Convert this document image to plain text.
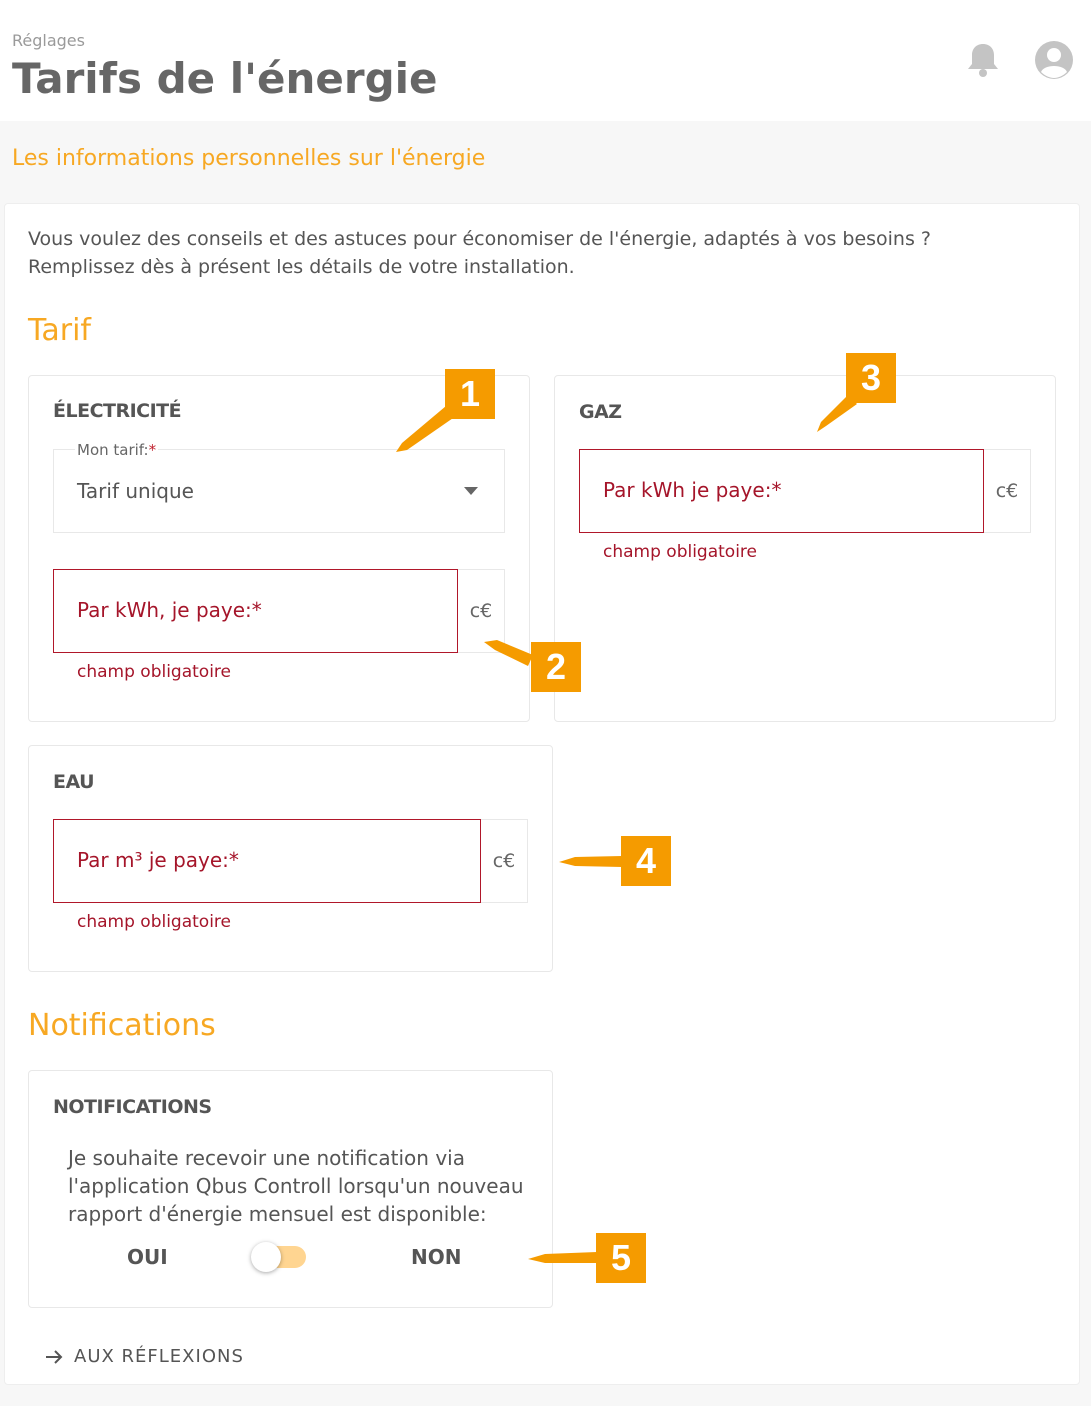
Réglages
Tarifs de l'énergie
Les informations personnelles sur l'énergie
Vous voulez des conseils et des astuces pour économiser de l'énergie, adaptés à vos besoins ?
Remplissez dès à présent les détails de votre installation.
Tarif
ÉLECTRICITÉ
Mon tarif:*
Tarif unique
Par kWh, je paye:*	c€
champ obligatoire
GAZ
Par kWh je paye:*	c€
champ obligatoire
EAU
Par m³ je paye:*	c€
champ obligatoire
Notifications
NOTIFICATIONS
Je souhaite recevoir une notification via
l'application Qbus Controll lorsqu'un nouveau
rapport d'énergie mensuel est disponible:
OUI	NON
AUX RÉFLEXIONS
1
2
3
4
5
